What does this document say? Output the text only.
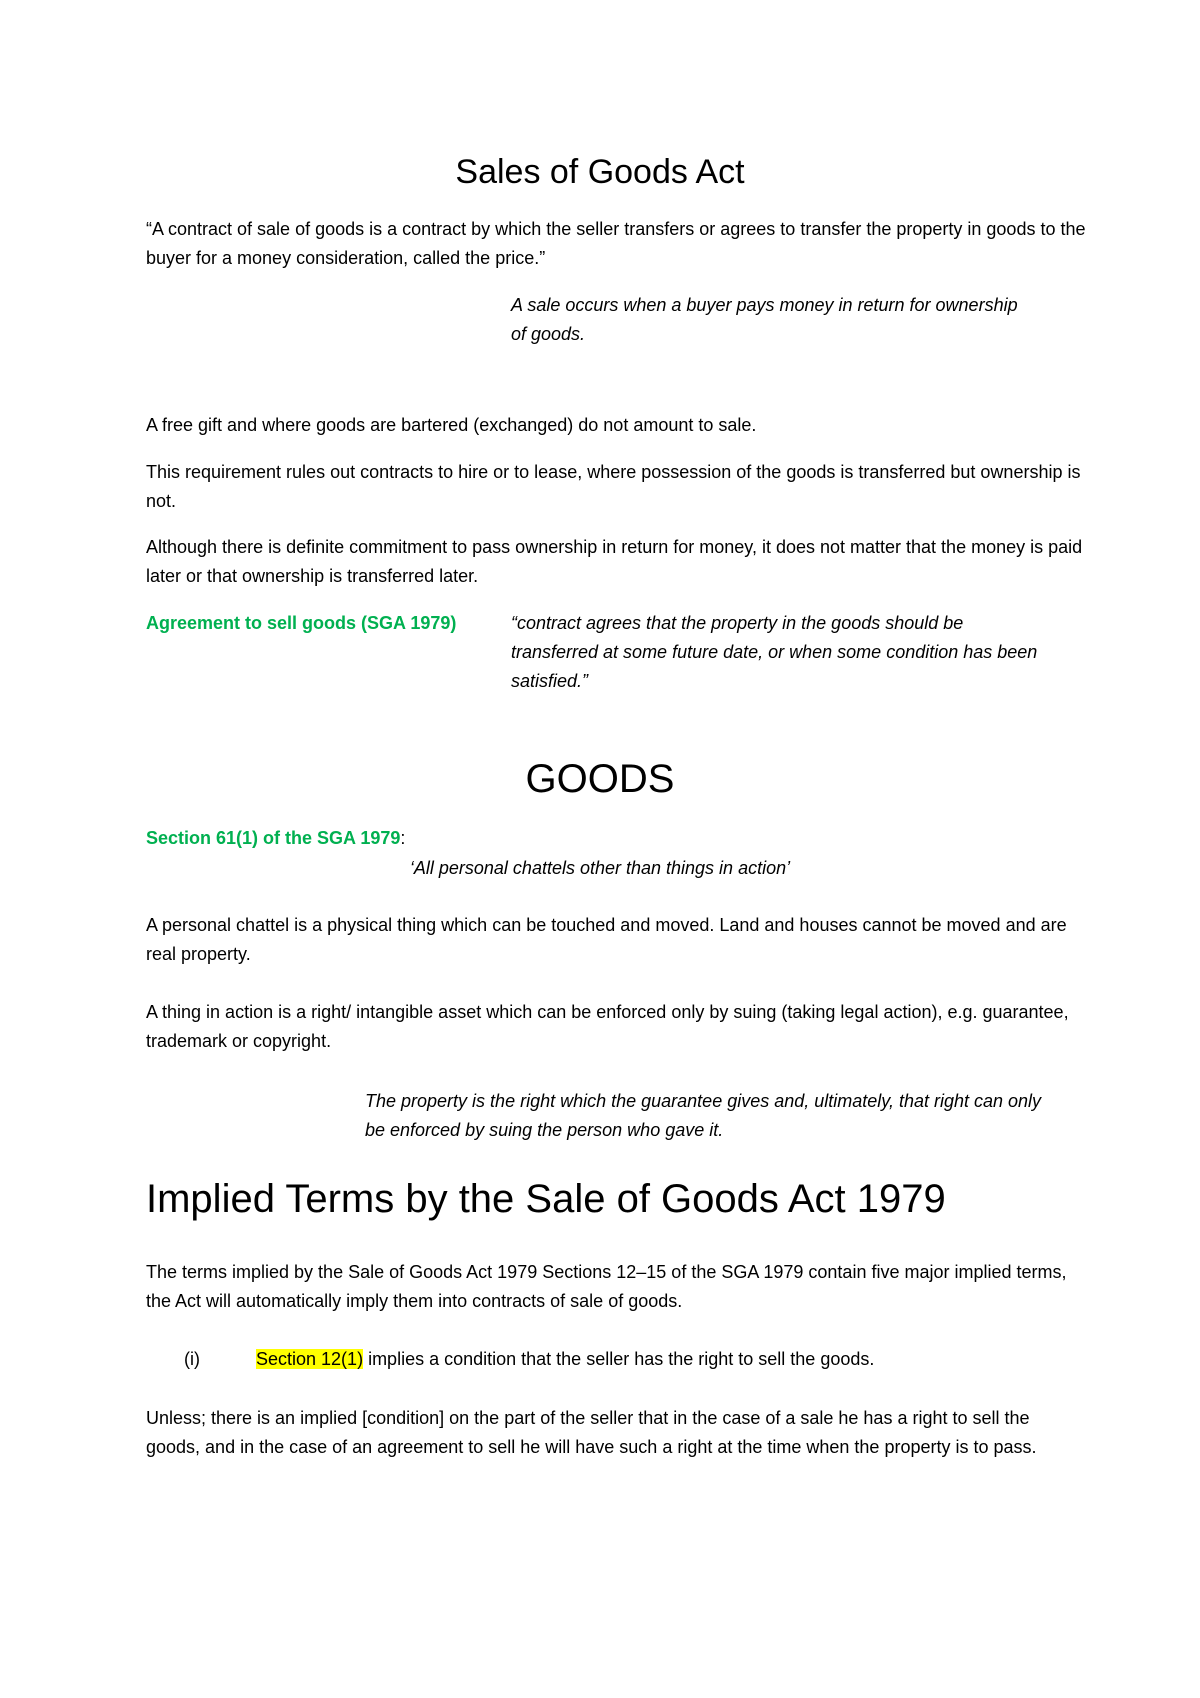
Sales of Goods Act

“A contract of sale of goods is a contract by which the seller transfers or agrees to transfer the property in goods to the buyer for a money consideration, called the price.”

A sale occurs when a buyer pays money in return for ownership of goods.

A free gift and where goods are bartered (exchanged) do not amount to sale.

This requirement rules out contracts to hire or to lease, where possession of the goods is transferred but ownership is not.

Although there is definite commitment to pass ownership in return for money, it does not matter that the money is paid later or that ownership is transferred later.

Agreement to sell goods (SGA 1979)	“contract agrees that the property in the goods should be transferred at some future date, or when some condition has been satisfied.”

GOODS

Section 61(1) of the SGA 1979:

‘All personal chattels other than things in action’

A personal chattel is a physical thing which can be touched and moved. Land and houses cannot be moved and are real property.

A thing in action is a right/ intangible asset which can be enforced only by suing (taking legal action), e.g. guarantee, trademark or copyright.

The property is the right which the guarantee gives and, ultimately, that right can only be enforced by suing the person who gave it.

Implied Terms by the Sale of Goods Act 1979

The terms implied by the Sale of Goods Act 1979 Sections 12–15 of the SGA 1979 contain five major implied terms, the Act will automatically imply them into contracts of sale of goods.

(i)	Section 12(1) implies a condition that the seller has the right to sell the goods.

Unless; there is an implied [condition] on the part of the seller that in the case of a sale he has a right to sell the goods, and in the case of an agreement to sell he will have such a right at the time when the property is to pass.
